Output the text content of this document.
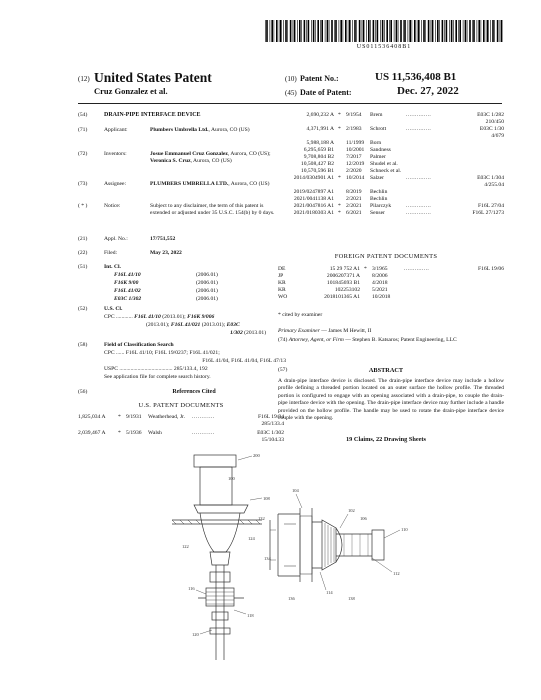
US011536408B1
(12) United States Patent
Cruz Gonzalez et al.
(10) Patent No.:	US 11,536,408 B1
(45) Date of Patent:	Dec. 27, 2022
(54)	DRAIN-PIPE INTERFACE DEVICE
(71)	Applicant:	Plumbers Umbrella Ltd., Aurora, CO (US)
(72)	Inventors:	Josue Emmanuel Cruz Gonzalez, Aurora, CO (US); Veronica S. Cruz, Aurora, CO (US)
(73)	Assignee:	PLUMBERS UMBRELLA LTD., Aurora, CO (US)
( * )	Notice:	Subject to any disclaimer, the term of this patent is extended or adjusted under 35 U.S.C. 154(b) by 0 days.
(21)	Appl. No.:	17/751,552
(22)	Filed:	May 23, 2022
(51)	Int. Cl.
F16L 41/10	(2006.01)
F16K 9/00	(2006.01)
F16L 41/02	(2006.01)
E03C 1/302	(2006.01)
(52)	U.S. Cl.
CPC ............ F16L 41/10 (2013.01); F16K 9/006
(2013.01); F16L 41/021 (2013.01); E03C
1/302 (2013.01)
(58)	Field of Classification Search
CPC ...... F16L 41/10; F16L 19/0237; F16L 41/021;
F16L 41/04, F16L 41/04, F16L 47/13
USPC ...................................... 285/133.4, 192
See application file for complete search history.
(56)	References Cited
U.S. PATENT DOCUMENTS
1,825,034 A * 9/1931 Weatherhead, Jr. ............	F16L 19/04
285/133.4
2,039,467 A * 5/1936 Walsh	............	E03C 1/302
15/104.33
2,690,232 A * 9/1954 Brem	..............	E03C 1/282
210/450
4,371,991 A * 2/1983 Schrott	..............	E03C 1/30
4/679
5,988,188 A 11/1999 Born
6,295,659 B1 10/2001 Sandness
9,708,804 B2 7/2017 Palmer
10,508,427 B2 12/2019 Shudel et al.
10,570,596 B1 2/2020 Schneck et al.
2014/0304901 A1 * 10/2014 Salzer	..............	E03C 1/304
4/255.04
2019/0247897 A1 8/2019 Bechlin
2021/0041138 A1 2/2021 Bechlin
2021/0047816 A1 * 2/2021 Pilarczyk	..............	F16L 27/04
2021/0180303 A1 * 6/2021 Senser	..............	F16L 27/1273
FOREIGN PATENT DOCUMENTS
DE	15 29 752 A1 * 3/1965	..............	F16L 19/06
JP	2006207371 A 8/2006
KR	101845693 B1 4/2018
KR	102253102 5/2021
WO	2018101365 A1 10/2018
* cited by examiner
Primary Examiner — James M Hewitt, II
(74) Attorney, Agent, or Firm — Stephen B. Katsaros; Patent Engineering, LLC
(57)	ABSTRACT
A drain-pipe interface device is disclosed. The drain-pipe interface device may include a hollow profile defining a threaded portion located on an outer surface the hollow profile. The threaded portion is configured to engage with an opening associated with a drain-pipe, to couple the drain-pipe interface device with the opening. The drain-pipe interface device may further include a handle provided on the hollow profile. The handle may be used to rotate the drain-pipe interface device couple with the opening.
19 Claims, 22 Drawing Sheets
200
108
104
102
110
112
114
116
118
120
122
124
132
134
136	138
100
106
